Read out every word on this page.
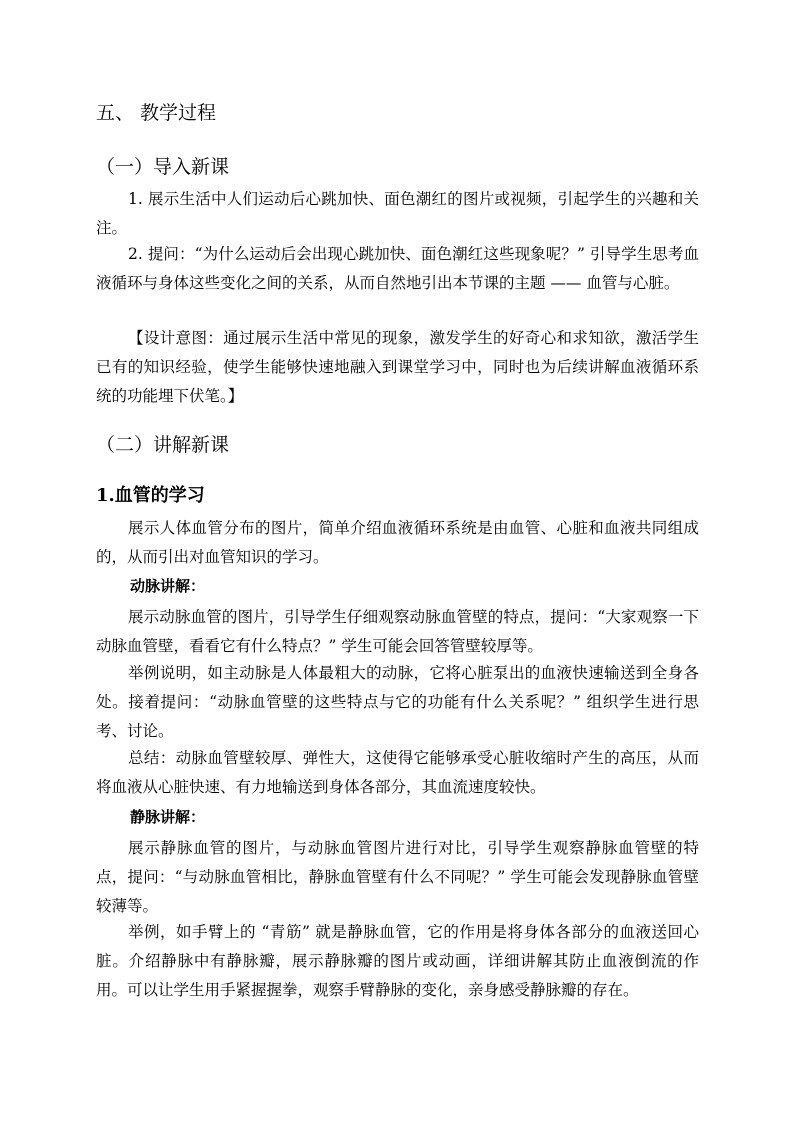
五、 教学过程
（一）导入新课

1. 展示生活中人们运动后心跳加快、面色潮红的图片或视频，引起学生的兴趣和关注。

2. 提问：“为什么运动后会出现心跳加快、面色潮红这些现象呢？” 引导学生思考血液循环与身体这些变化之间的关系，从而自然地引出本节课的主题 —— 血管与心脏。

【设计意图：通过展示生活中常见的现象，激发学生的好奇心和求知欲，激活学生已有的知识经验，使学生能够快速地融入到课堂学习中，同时也为后续讲解血液循环系统的功能埋下伏笔。】

（二）讲解新课
1.血管的学习

展示人体血管分布的图片，简单介绍血液循环系统是由血管、心脏和血液共同组成的，从而引出对血管知识的学习。

动脉讲解：

展示动脉血管的图片，引导学生仔细观察动脉血管壁的特点，提问：“大家观察一下动脉血管壁，看看它有什么特点？” 学生可能会回答管壁较厚等。

举例说明，如主动脉是人体最粗大的动脉，它将心脏泵出的血液快速输送到全身各处。接着提问：“动脉血管壁的这些特点与它的功能有什么关系呢？” 组织学生进行思考、讨论。

总结：动脉血管壁较厚、弹性大，这使得它能够承受心脏收缩时产生的高压，从而将血液从心脏快速、有力地输送到身体各部分，其血流速度较快。

静脉讲解：

展示静脉血管的图片，与动脉血管图片进行对比，引导学生观察静脉血管壁的特点，提问：“与动脉血管相比，静脉血管壁有什么不同呢？” 学生可能会发现静脉血管壁较薄等。

举例，如手臂上的 “青筋” 就是静脉血管，它的作用是将身体各部分的血液送回心脏。介绍静脉中有静脉瓣，展示静脉瓣的图片或动画，详细讲解其防止血液倒流的作用。可以让学生用手紧握握拳，观察手臂静脉的变化，亲身感受静脉瓣的存在。
